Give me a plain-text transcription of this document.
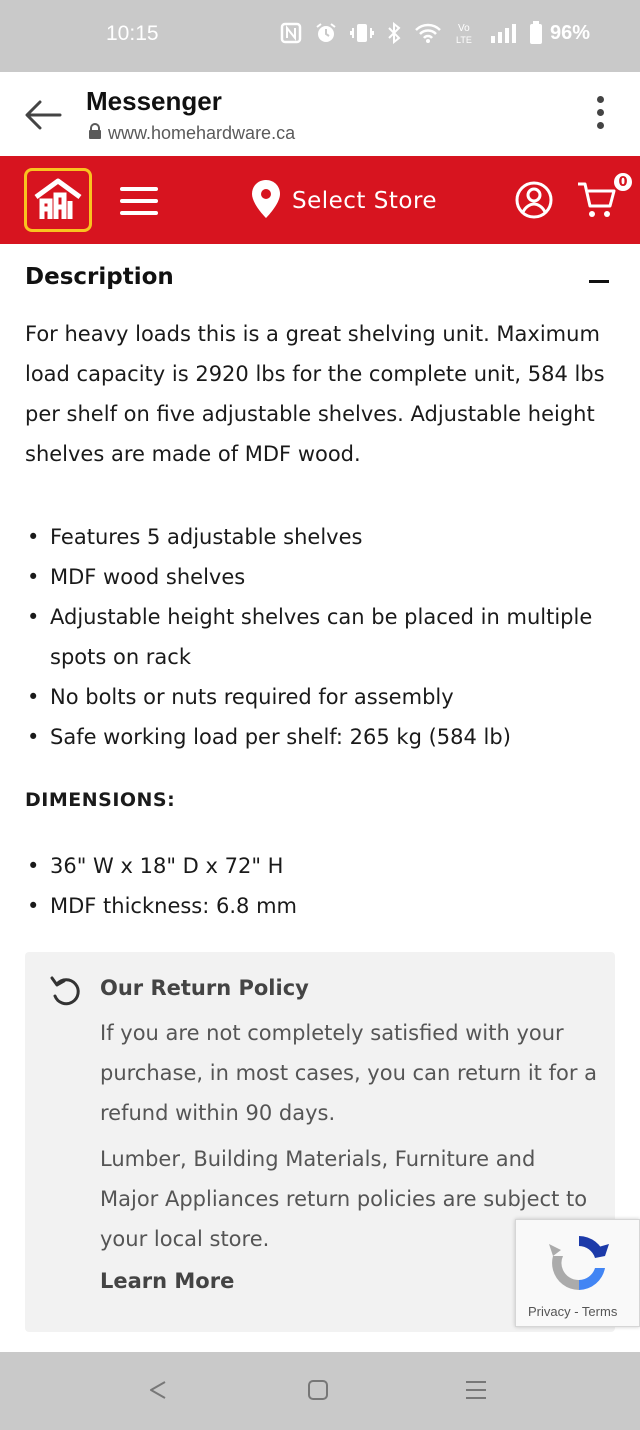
10:15	Vo
LTE	96%
Messenger
www.homehardware.ca
Select Store
0
Description
For heavy loads this is a great shelving unit. Maximum load capacity is 2920 lbs for the complete unit, 584 lbs per shelf on five adjustable shelves. Adjustable height shelves are made of MDF wood.
• Features 5 adjustable shelves
• MDF wood shelves
• Adjustable height shelves can be placed in multiple spots on rack
• No bolts or nuts required for assembly
• Safe working load per shelf: 265 kg (584 lb)
DIMENSIONS:
• 36" W x 18" D x 72" H
• MDF thickness: 6.8 mm
Our Return Policy
If you are not completely satisfied with your purchase, in most cases, you can return it for a refund within 90 days.
Lumber, Building Materials, Furniture and Major Appliances return policies are subject to your local store.
Learn More
Privacy - Terms
